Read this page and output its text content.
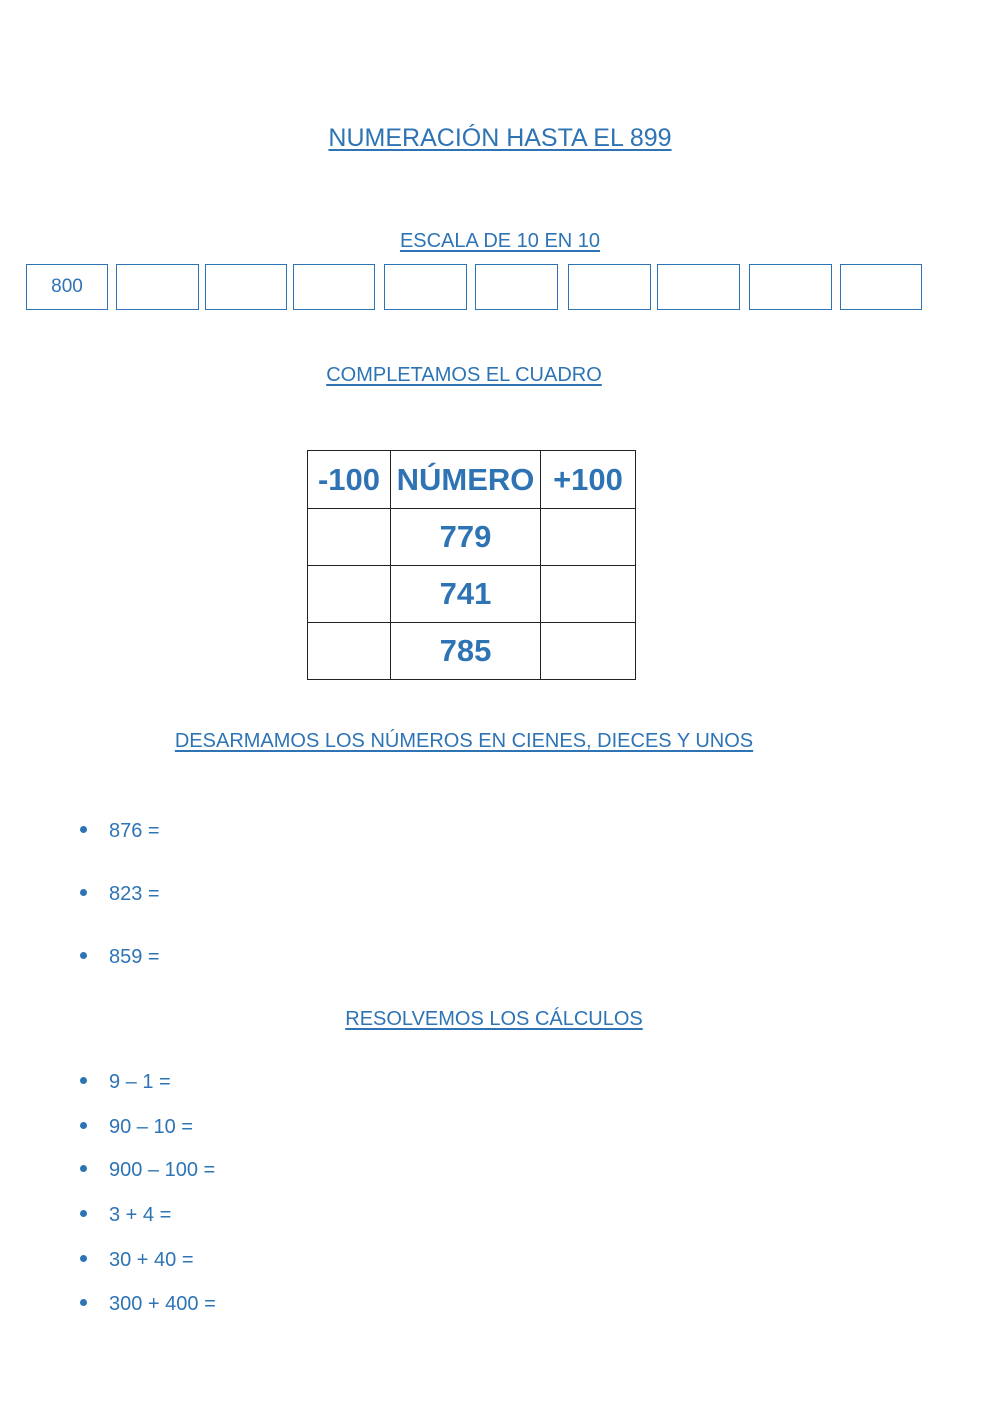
NUMERACIÓN HASTA EL 899
ESCALA DE 10 EN 10
800
COMPLETAMOS EL CUADRO
-100	NÚMERO	+100
	779	
	741	
	785	
DESARMAMOS LOS NÚMEROS EN CIENES, DIECES Y UNOS
876 =
823 =
859 =
RESOLVEMOS LOS CÁLCULOS
9 – 1 =
90 – 10 =
900 – 100 =
3 + 4 =
30 + 40 =
300 + 400 =
